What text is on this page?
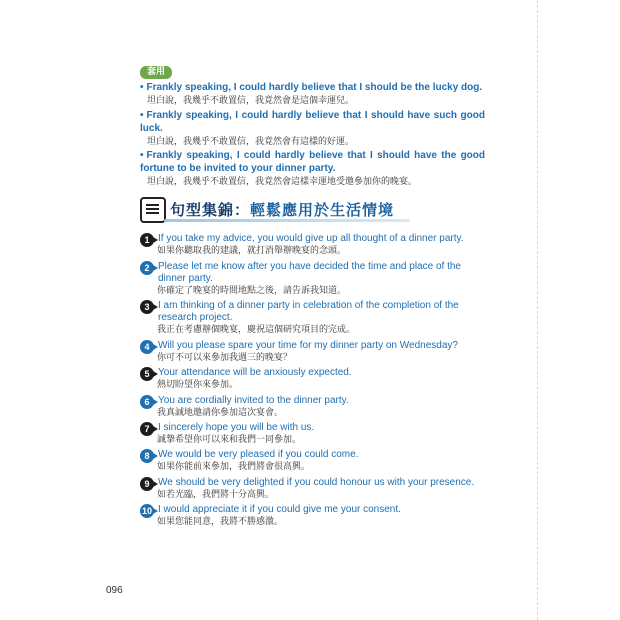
套用
• Frankly speaking, I could hardly believe that I should be the lucky dog.
坦白說，我幾乎不敢置信，我竟然會是這個幸運兒。
• Frankly speaking, I could hardly believe that I should have such good luck.
坦白說，我幾乎不敢置信，我竟然會有這樣的好運。
• Frankly speaking, I could hardly believe that I should have the good fortune to be invited to your dinner party.
坦白說，我幾乎不敢置信，我竟然會這樣幸運地受邀參加你的晚宴。
句型集錦：輕鬆應用於生活情境
1 If you take my advice, you would give up all thought of a dinner party.
如果你聽取我的建議，就打消舉辦晚宴的念頭。
2 Please let me know after you have decided the time and place of the dinner party.
你確定了晚宴的時間地點之後，請告訴我知道。
3 I am thinking of a dinner party in celebration of the completion of the research project.
我正在考慮辦個晚宴，慶祝這個研究項目的完成。
4 Will you please spare your time for my dinner party on Wednesday?
你可不可以來參加我週三的晚宴？
5 Your attendance will be anxiously expected.
熱切盼望你來參加。
6 You are cordially invited to the dinner party.
我真誠地邀請你參加這次宴會。
7 I sincerely hope you will be with us.
誠摯希望你可以來和我們一同參加。
8 We would be very pleased if you could come.
如果你能前來參加，我們將會很高興。
9 We should be very delighted if you could honour us with your presence.
如若光臨，我們將十分高興。
10 I would appreciate it if you could give me your consent.
如果您能同意，我將不勝感激。
096
